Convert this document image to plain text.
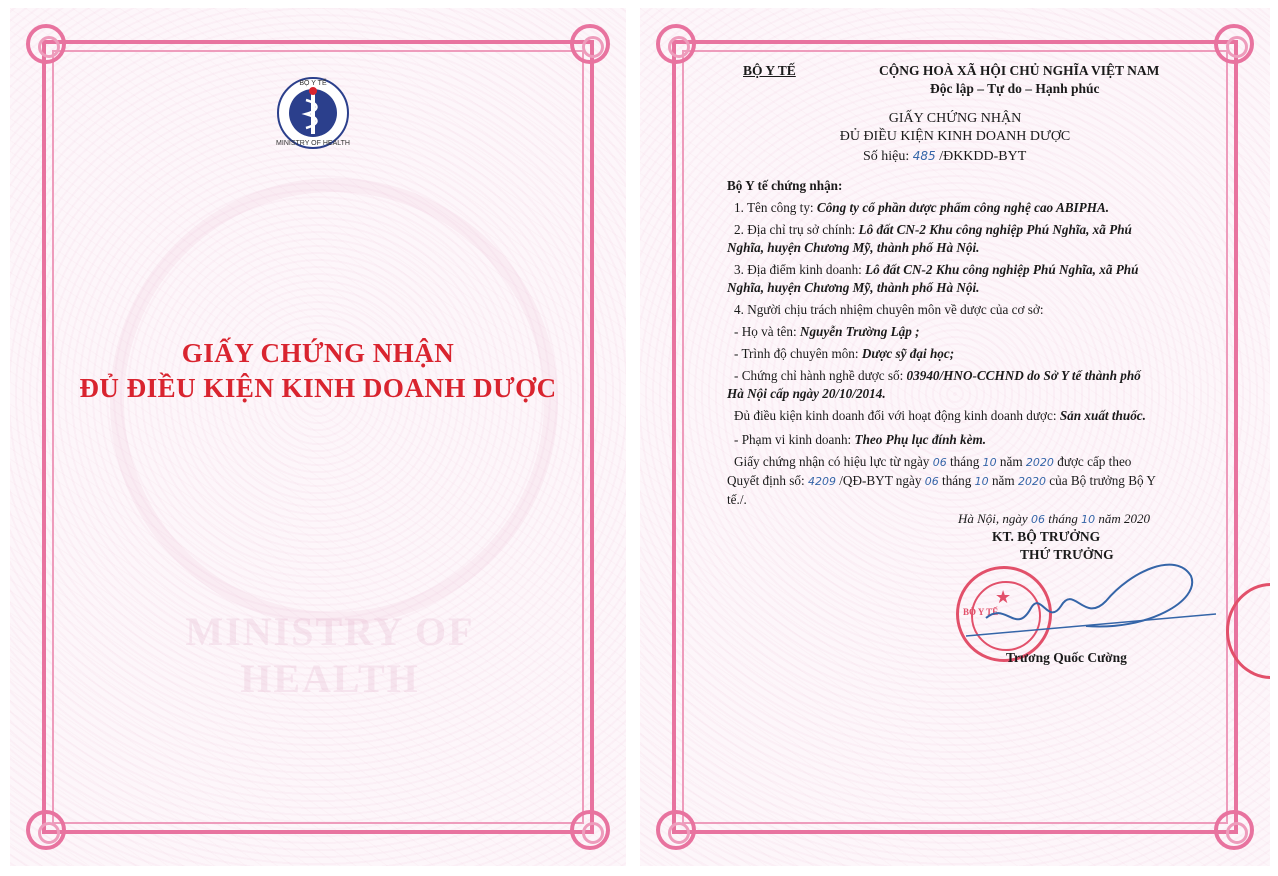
MINISTRY OF HEALTH
BỘ Y TẾ
MINISTRY OF HEALTH
GIẤY CHỨNG NHẬN
ĐỦ ĐIỀU KIỆN KINH DOANH DƯỢC
BỘ Y TẾ	CỘNG HOÀ XÃ HỘI CHỦ NGHĨA VIỆT NAM
Độc lập – Tự do – Hạnh phúc
GIẤY CHỨNG NHẬN
ĐỦ ĐIỀU KIỆN KINH DOANH DƯỢC
Số hiệu: 485 /ĐKKDD-BYT
Bộ Y tế chứng nhận:
1. Tên công ty: Công ty cổ phần dược phẩm công nghệ cao ABIPHA.
2. Địa chỉ trụ sở chính: Lô đất CN-2 Khu công nghiệp Phú Nghĩa, xã Phú
Nghĩa, huyện Chương Mỹ, thành phố Hà Nội.
3. Địa điểm kinh doanh: Lô đất CN-2 Khu công nghiệp Phú Nghĩa, xã Phú
Nghĩa, huyện Chương Mỹ, thành phố Hà Nội.
4. Người chịu trách nhiệm chuyên môn về dược của cơ sở:
- Họ và tên: Nguyễn Trường Lập ;
- Trình độ chuyên môn: Dược sỹ đại học;
- Chứng chỉ hành nghề dược số: 03940/HNO-CCHND do Sở Y tế thành phố
Hà Nội cấp ngày 20/10/2014.
Đủ điều kiện kinh doanh đối với hoạt động kinh doanh dược: Sản xuất thuốc.
- Phạm vi kinh doanh: Theo Phụ lục đính kèm.
Giấy chứng nhận có hiệu lực từ ngày 06 tháng 10 năm 2020 được cấp theo
Quyết định số: 4209 /QĐ-BYT ngày 06 tháng 10 năm 2020 của Bộ trưởng Bộ Y
tế./.
Hà Nội, ngày 06 tháng 10 năm 2020
KT. BỘ TRƯỞNG
THỨ TRƯỞNG
★
BỘ Y TẾ
Trương Quốc Cường
